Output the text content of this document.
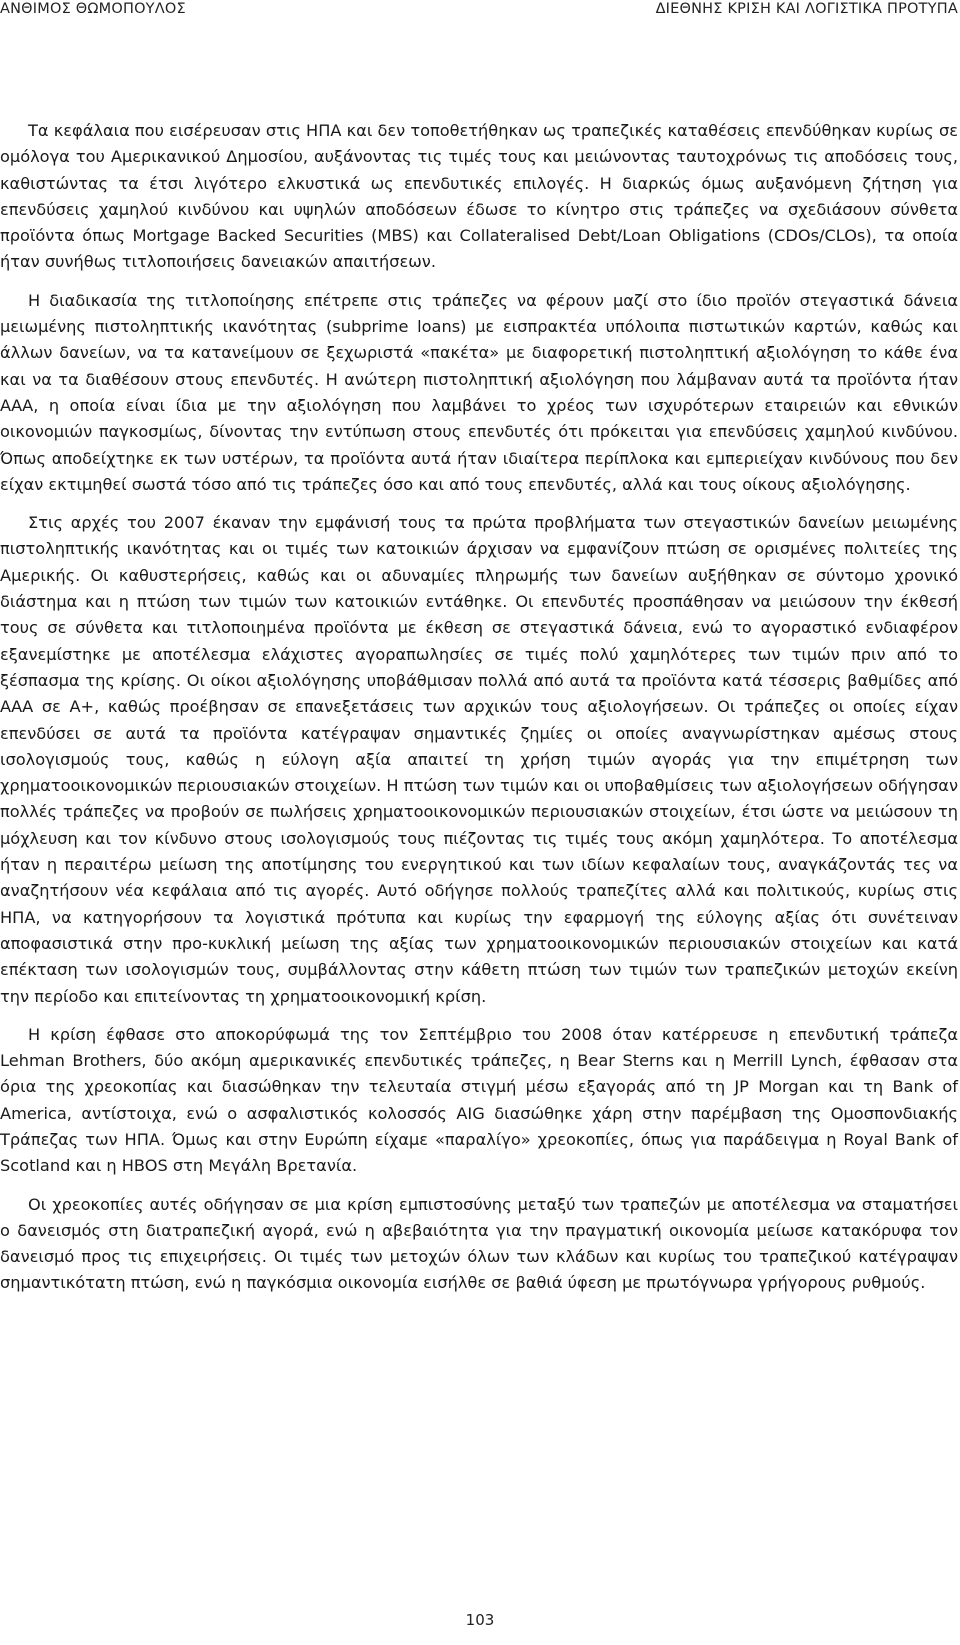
ΑΝΘΙΜΟΣ ΘΩΜΟΠΟΥΛΟΣ	ΔΙΕΘΝΗΣ ΚΡΙΣΗ ΚΑΙ ΛΟΓΙΣΤΙΚΑ ΠΡΟΤΥΠΑ

Τα κεφάλαια που εισέρευσαν στις ΗΠΑ και δεν τοποθετήθηκαν ως τραπεζικές καταθέσεις επενδύθηκαν κυρίως σε ομόλογα του Αμερικανικού Δημοσίου, αυξάνοντας τις τιμές τους και μειώνοντας ταυτοχρόνως τις αποδόσεις τους, καθιστώντας τα έτσι λιγότερο ελκυστικά ως επενδυτικές επιλογές. Η διαρκώς όμως αυξανόμενη ζήτηση για επενδύσεις χαμηλού κινδύνου και υψηλών αποδόσεων έδωσε το κίνητρο στις τράπεζες να σχεδιάσουν σύνθετα προϊόντα όπως Mortgage Backed Securities (MBS) και Collateralised Debt/Loan Obligations (CDOs/CLOs), τα οποία ήταν συνήθως τιτλοποιήσεις δανειακών απαιτήσεων.

Η διαδικασία της τιτλοποίησης επέτρεπε στις τράπεζες να φέρουν μαζί στο ίδιο προϊόν στεγαστικά δάνεια μειωμένης πιστοληπτικής ικανότητας (subprime loans) με εισπρακτέα υπόλοιπα πιστωτικών καρτών, καθώς και άλλων δανείων, να τα κατανείμουν σε ξεχωριστά «πακέτα» με διαφορετική πιστοληπτική αξιολόγηση το κάθε ένα και να τα διαθέσουν στους επενδυτές. Η ανώτερη πιστοληπτική αξιολόγηση που λάμβαναν αυτά τα προϊόντα ήταν ΑΑΑ, η οποία είναι ίδια με την αξιολόγηση που λαμβάνει το χρέος των ισχυρότερων εταιρειών και εθνικών οικονομιών παγκοσμίως, δίνοντας την εντύπωση στους επενδυτές ότι πρόκειται για επενδύσεις χαμηλού κινδύνου. Όπως αποδείχτηκε εκ των υστέρων, τα προϊόντα αυτά ήταν ιδιαίτερα περίπλοκα και εμπεριείχαν κινδύνους που δεν είχαν εκτιμηθεί σωστά τόσο από τις τράπεζες όσο και από τους επενδυτές, αλλά και τους οίκους αξιολόγησης.

Στις αρχές του 2007 έκαναν την εμφάνισή τους τα πρώτα προβλήματα των στεγαστικών δανείων μειωμένης πιστοληπτικής ικανότητας και οι τιμές των κατοικιών άρχισαν να εμφανίζουν πτώση σε ορισμένες πολιτείες της Αμερικής. Οι καθυστερήσεις, καθώς και οι αδυναμίες πληρωμής των δανείων αυξήθηκαν σε σύντομο χρονικό διάστημα και η πτώση των τιμών των κατοικιών εντάθηκε. Οι επενδυτές προσπάθησαν να μειώσουν την έκθεσή τους σε σύνθετα και τιτλοποιημένα προϊόντα με έκθεση σε στεγαστικά δάνεια, ενώ το αγοραστικό ενδιαφέρον εξανεμίστηκε με αποτέλεσμα ελάχιστες αγοραπωλησίες σε τιμές πολύ χαμηλότερες των τιμών πριν από το ξέσπασμα της κρίσης. Οι οίκοι αξιολόγησης υποβάθμισαν πολλά από αυτά τα προϊόντα κατά τέσσερις βαθμίδες από ΑΑΑ σε Α+, καθώς προέβησαν σε επανεξετάσεις των αρχικών τους αξιολογήσεων. Οι τράπεζες οι οποίες είχαν επενδύσει σε αυτά τα προϊόντα κατέγραψαν σημαντικές ζημίες οι οποίες αναγνωρίστηκαν αμέσως στους ισολογισμούς τους, καθώς η εύλογη αξία απαιτεί τη χρήση τιμών αγοράς για την επιμέτρηση των χρηματοοικονομικών περιουσιακών στοιχείων. Η πτώση των τιμών και οι υποβαθμίσεις των αξιολογήσεων οδήγησαν πολλές τράπεζες να προβούν σε πωλήσεις χρηματοοικονομικών περιουσιακών στοιχείων, έτσι ώστε να μειώσουν τη μόχλευση και τον κίνδυνο στους ισολογισμούς τους πιέζοντας τις τιμές τους ακόμη χαμηλότερα. Το αποτέλεσμα ήταν η περαιτέρω μείωση της αποτίμησης του ενεργητικού και των ιδίων κεφαλαίων τους, αναγκάζοντάς τες να αναζητήσουν νέα κεφάλαια από τις αγορές. Αυτό οδήγησε πολλούς τραπεζίτες αλλά και πολιτικούς, κυρίως στις ΗΠΑ, να κατηγορήσουν τα λογιστικά πρότυπα και κυρίως την εφαρμογή της εύλογης αξίας ότι συνέτειναν αποφασιστικά στην προ-κυκλική μείωση της αξίας των χρηματοοικονομικών περιουσιακών στοιχείων και κατά επέκταση των ισολογισμών τους, συμβάλλοντας στην κάθετη πτώση των τιμών των τραπεζικών μετοχών εκείνη την περίοδο και επιτείνοντας τη χρηματοοικονομική κρίση.

Η κρίση έφθασε στο αποκορύφωμά της τον Σεπτέμβριο του 2008 όταν κατέρρευσε η επενδυτική τράπεζα Lehman Brothers, δύο ακόμη αμερικανικές επενδυτικές τράπεζες, η Bear Sterns και η Merrill Lynch, έφθασαν στα όρια της χρεοκοπίας και διασώθηκαν την τελευταία στιγμή μέσω εξαγοράς από τη JP Morgan και τη Bank of America, αντίστοιχα, ενώ ο ασφαλιστικός κολοσσός AIG διασώθηκε χάρη στην παρέμβαση της Ομοσπονδιακής Τράπεζας των ΗΠΑ. Όμως και στην Ευρώπη είχαμε «παραλίγο» χρεοκοπίες, όπως για παράδειγμα η Royal Bank of Scotland και η HBOS στη Μεγάλη Βρετανία.

Οι χρεοκοπίες αυτές οδήγησαν σε μια κρίση εμπιστοσύνης μεταξύ των τραπεζών με αποτέλεσμα να σταματήσει ο δανεισμός στη διατραπεζική αγορά, ενώ η αβεβαιότητα για την πραγματική οικονομία μείωσε κατακόρυφα τον δανεισμό προς τις επιχειρήσεις. Οι τιμές των μετοχών όλων των κλάδων και κυρίως του τραπεζικού κατέγραψαν σημαντικότατη πτώση, ενώ η παγκόσμια οικονομία εισήλθε σε βαθιά ύφεση με πρωτόγνωρα γρήγορους ρυθμούς.

103
